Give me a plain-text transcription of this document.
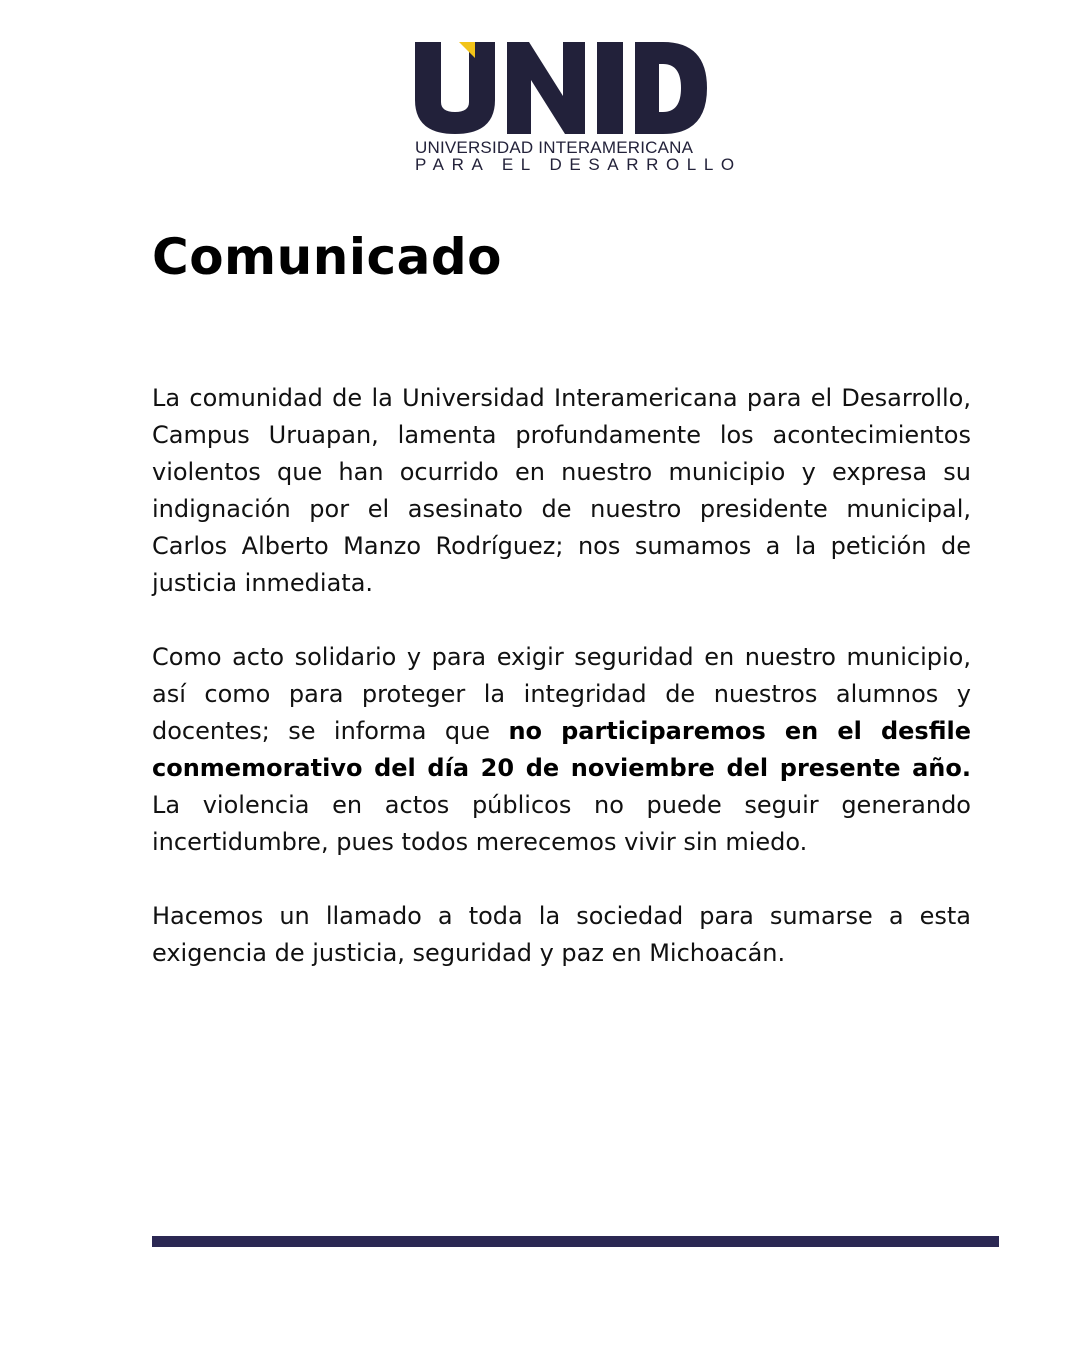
UNIVERSIDAD INTERAMERICANA
PARA EL DESARROLLO
Comunicado

La comunidad de la Universidad Interamericana para el Desarrollo, Campus Uruapan, lamenta profundamente los acontecimientos violentos que han ocurrido en nuestro municipio y expresa su indignación por el asesinato de nuestro presidente municipal, Carlos Alberto Manzo Rodríguez; nos sumamos a la petición de justicia inmediata.

Como acto solidario y para exigir seguridad en nuestro municipio, así como para proteger la integridad de nuestros alumnos y docentes; se informa que no participaremos en el desfile conmemorativo del día 20 de noviembre del presente año. La violencia en actos públicos no puede seguir generando incertidumbre, pues todos merecemos vivir sin miedo.

Hacemos un llamado a toda la sociedad para sumarse a esta exigencia de justicia, seguridad y paz en Michoacán.
